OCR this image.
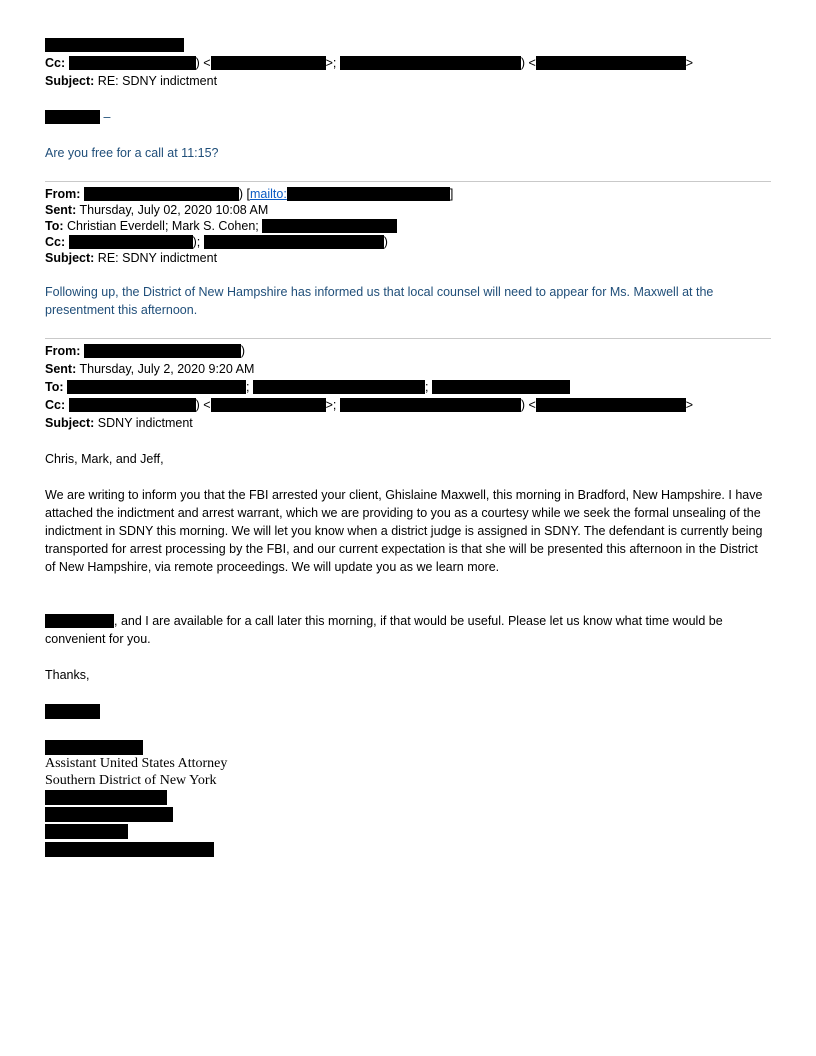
Cc:	) <	>;	) <	>
Subject: RE: SDNY indictment
–
Are you free for a call at 11:15?
From:	) [mailto:	]
Sent: Thursday, July 02, 2020 10:08 AM
To: Christian Everdell; Mark S. Cohen;
Cc:	);	)
Subject: RE: SDNY indictment
Following up, the District of New Hampshire has informed us that local counsel will need to appear for Ms. Maxwell at the presentment this afternoon.
From:	)
Sent: Thursday, July 2, 2020 9:20 AM
To:	;	;
Cc:	) <	>;	) <	>
Subject: SDNY indictment
Chris, Mark, and Jeff,
We are writing to inform you that the FBI arrested your client, Ghislaine Maxwell, this morning in Bradford, New Hampshire. I have attached the indictment and arrest warrant, which we are providing to you as a courtesy while we seek the formal unsealing of the indictment in SDNY this morning. We will let you know when a district judge is assigned in SDNY. The defendant is currently being transported for arrest processing by the FBI, and our current expectation is that she will be presented this afternoon in the District of New Hampshire, via remote proceedings. We will update you as we learn more.
, and I are available for a call later this morning, if that would be useful. Please let us know what time would be convenient for you.
Thanks,
Assistant United States Attorney
Southern District of New York
